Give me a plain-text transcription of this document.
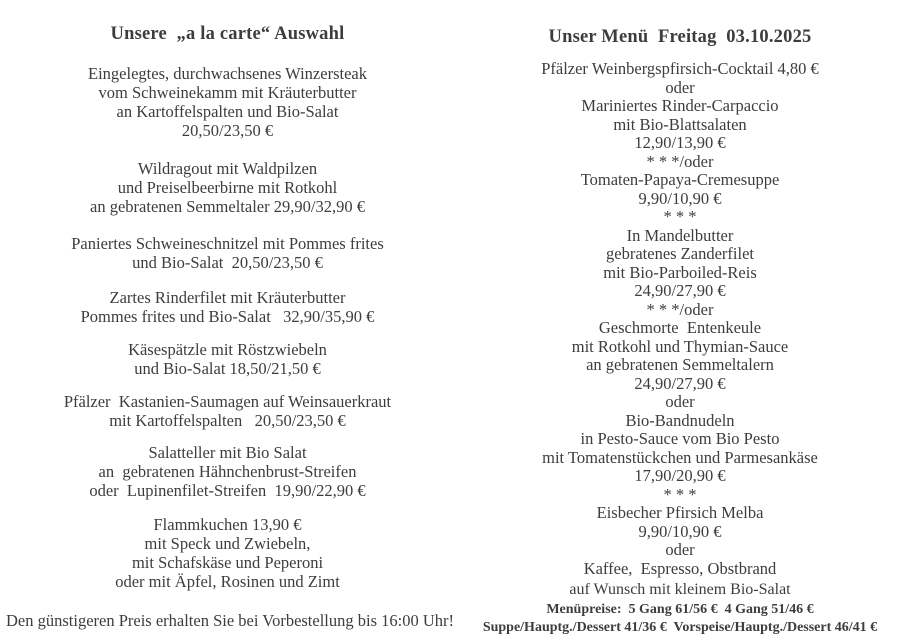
Unsere  „a la carte“ Auswahl
Eingelegtes, durchwachsenes Winzersteak
vom Schweinekamm mit Kräuterbutter
an Kartoffelspalten und Bio-Salat
20,50/23,50 €
Wildragout mit Waldpilzen
und Preiselbeerbirne mit Rotkohl
an gebratenen Semmeltaler 29,90/32,90 €
Paniertes Schweineschnitzel mit Pommes frites
und Bio-Salat  20,50/23,50 €
Zartes Rinderfilet mit Kräuterbutter
Pommes frites und Bio-Salat   32,90/35,90 €
Käsespätzle mit Röstzwiebeln
und Bio-Salat 18,50/21,50 €
Pfälzer  Kastanien-Saumagen auf Weinsauerkraut
mit Kartoffelspalten   20,50/23,50 €
Salatteller mit Bio Salat
an  gebratenen Hähnchenbrust-Streifen
oder  Lupinenfilet-Streifen  19,90/22,90 €
Flammkuchen 13,90 €
mit Speck und Zwiebeln,
mit Schafskäse und Peperoni
oder mit Äpfel, Rosinen und Zimt
Unser Menü  Freitag  03.10.2025
Pfälzer Weinbergspfirsich-Cocktail 4,80 €
oder
Mariniertes Rinder-Carpaccio
mit Bio-Blattsalaten
12,90/13,90 €
* * */oder
Tomaten-Papaya-Cremesuppe
9,90/10,90 €
* * *
In Mandelbutter
gebratenes Zanderfilet
mit Bio-Parboiled-Reis
24,90/27,90 €
* * */oder
Geschmorte  Entenkeule
mit Rotkohl und Thymian-Sauce
an gebratenen Semmeltalern
24,90/27,90 €
oder
Bio-Bandnudeln
in Pesto-Sauce vom Bio Pesto
mit Tomatenstückchen und Parmesankäse
17,90/20,90 €
* * *
Eisbecher Pfirsich Melba
9,90/10,90 €
oder
Kaffee,  Espresso, Obstbrand
auf Wunsch mit kleinem Bio-Salat
Menüpreise:  5 Gang 61/56 €  4 Gang 51/46 €
Suppe/Hauptg./Dessert 41/36 €  Vorspeise/Hauptg./Dessert 46/41 €
Den günstigeren Preis erhalten Sie bei Vorbestellung bis 16:00 Uhr!
